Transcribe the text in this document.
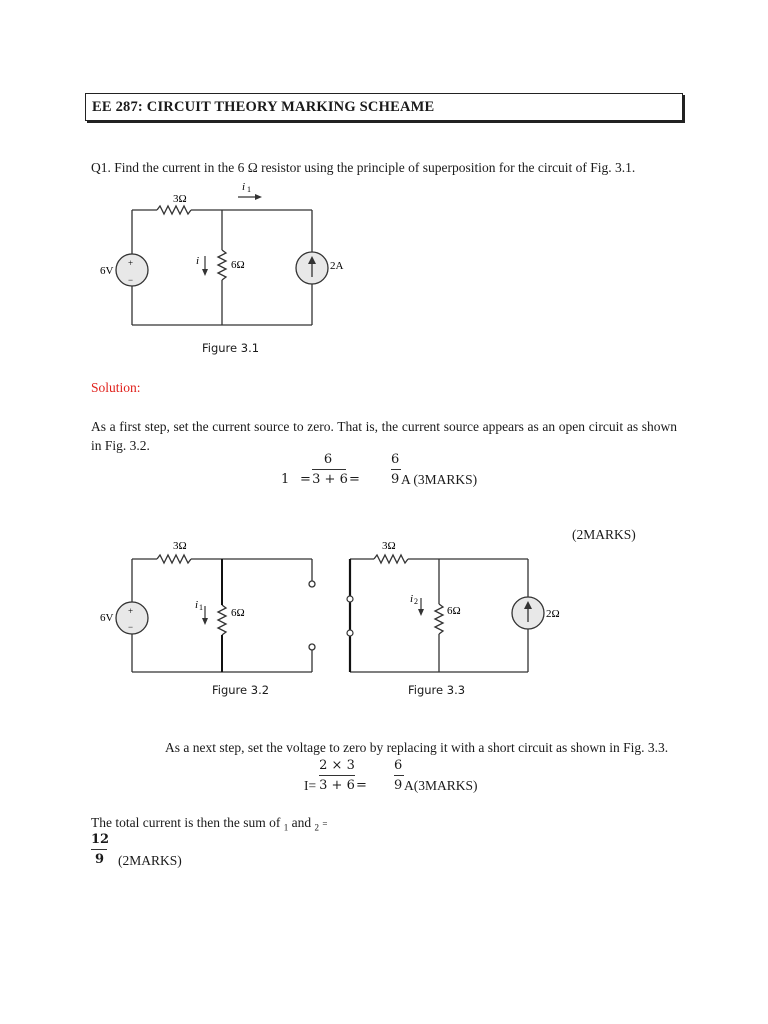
EE 287: CIRCUIT THEORY MARKING SCHEAME
Q1. Find the current in the 6 Ω resistor using the principle of superposition for the circuit of Fig. 3.1.
3Ω
6Ω
6V	2A
+
−
i
i 1
Figure 3.1
Solution:
As a first step, set the current source to zero. That is, the current source appears as an open circuit as shown in Fig. 3.2.
1 =
6
3 + 6 =
6
9 A (3MARKS)
(2MARKS)
3Ω
6Ω
6V
+
−
i 1
Figure 3.2
3Ω
6Ω	2Ω
i 2
Figure 3.3
As a next step, set the voltage to zero by replacing it with a short circuit as shown in Fig. 3.3.
I=
2 × 3
3 + 6 =
6
9 A(3MARKS)
The total current is then the sum of $_1$ and $_2$ =
12
9 (2MARKS)
